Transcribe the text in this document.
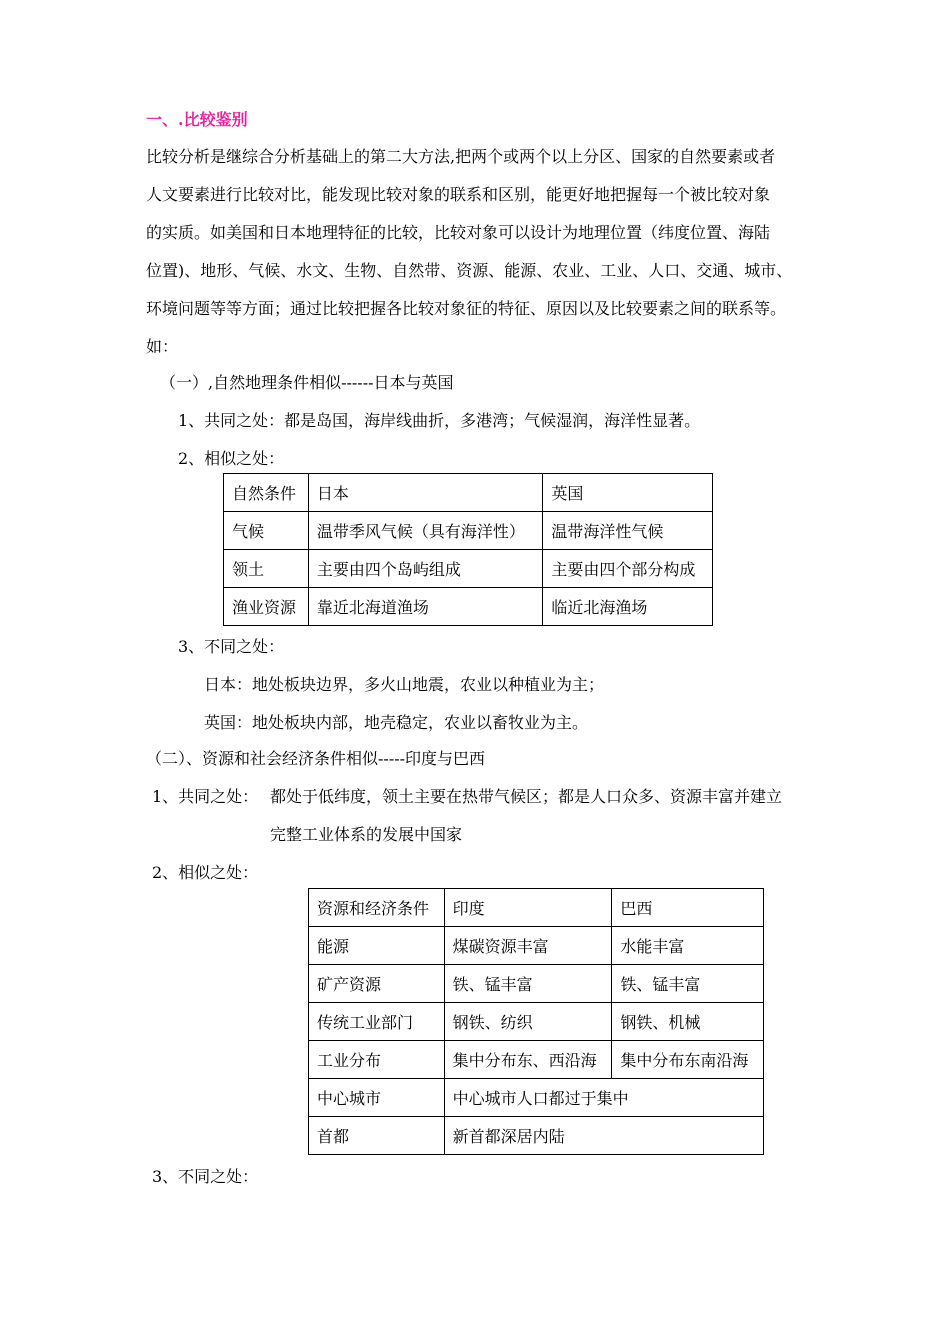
一、.比较鉴别
比较分析是继综合分析基础上的第二大方法,把两个或两个以上分区、国家的自然要素或者
人文要素进行比较对比，能发现比较对象的联系和区别，能更好地把握每一个被比较对象
的实质。如美国和日本地理特征的比较，比较对象可以设计为地理位置（纬度位置、海陆
位置)、地形、气候、水文、生物、自然带、资源、能源、农业、工业、人口、交通、城市、
环境问题等等方面；通过比较把握各比较对象征的特征、原因以及比较要素之间的联系等。
如：
（一）,自然地理条件相似------日本与英国
1、共同之处：都是岛国，海岸线曲折，多港湾；气候湿润，海洋性显著。
2、相似之处：
自然条件	日本	英国
气候	温带季风气候（具有海洋性）	温带海洋性气候
领土	主要由四个岛屿组成	主要由四个部分构成
渔业资源	靠近北海道渔场	临近北海渔场
3、不同之处：
日本：地处板块边界，多火山地震，农业以种植业为主；
英国：地处板块内部，地壳稳定，农业以畜牧业为主。
（二）、资源和社会经济条件相似-----印度与巴西
1、共同之处： 都处于低纬度，领土主要在热带气候区；都是人口众多、资源丰富并建立
完整工业体系的发展中国家
2、相似之处：
资源和经济条件	印度	巴西
能源	煤碳资源丰富	水能丰富
矿产资源	铁、锰丰富	铁、锰丰富
传统工业部门	钢铁、纺织	钢铁、机械
工业分布	集中分布东、西沿海	集中分布东南沿海
中心城市	中心城市人口都过于集中	
首都	新首都深居内陆	
3、不同之处：
